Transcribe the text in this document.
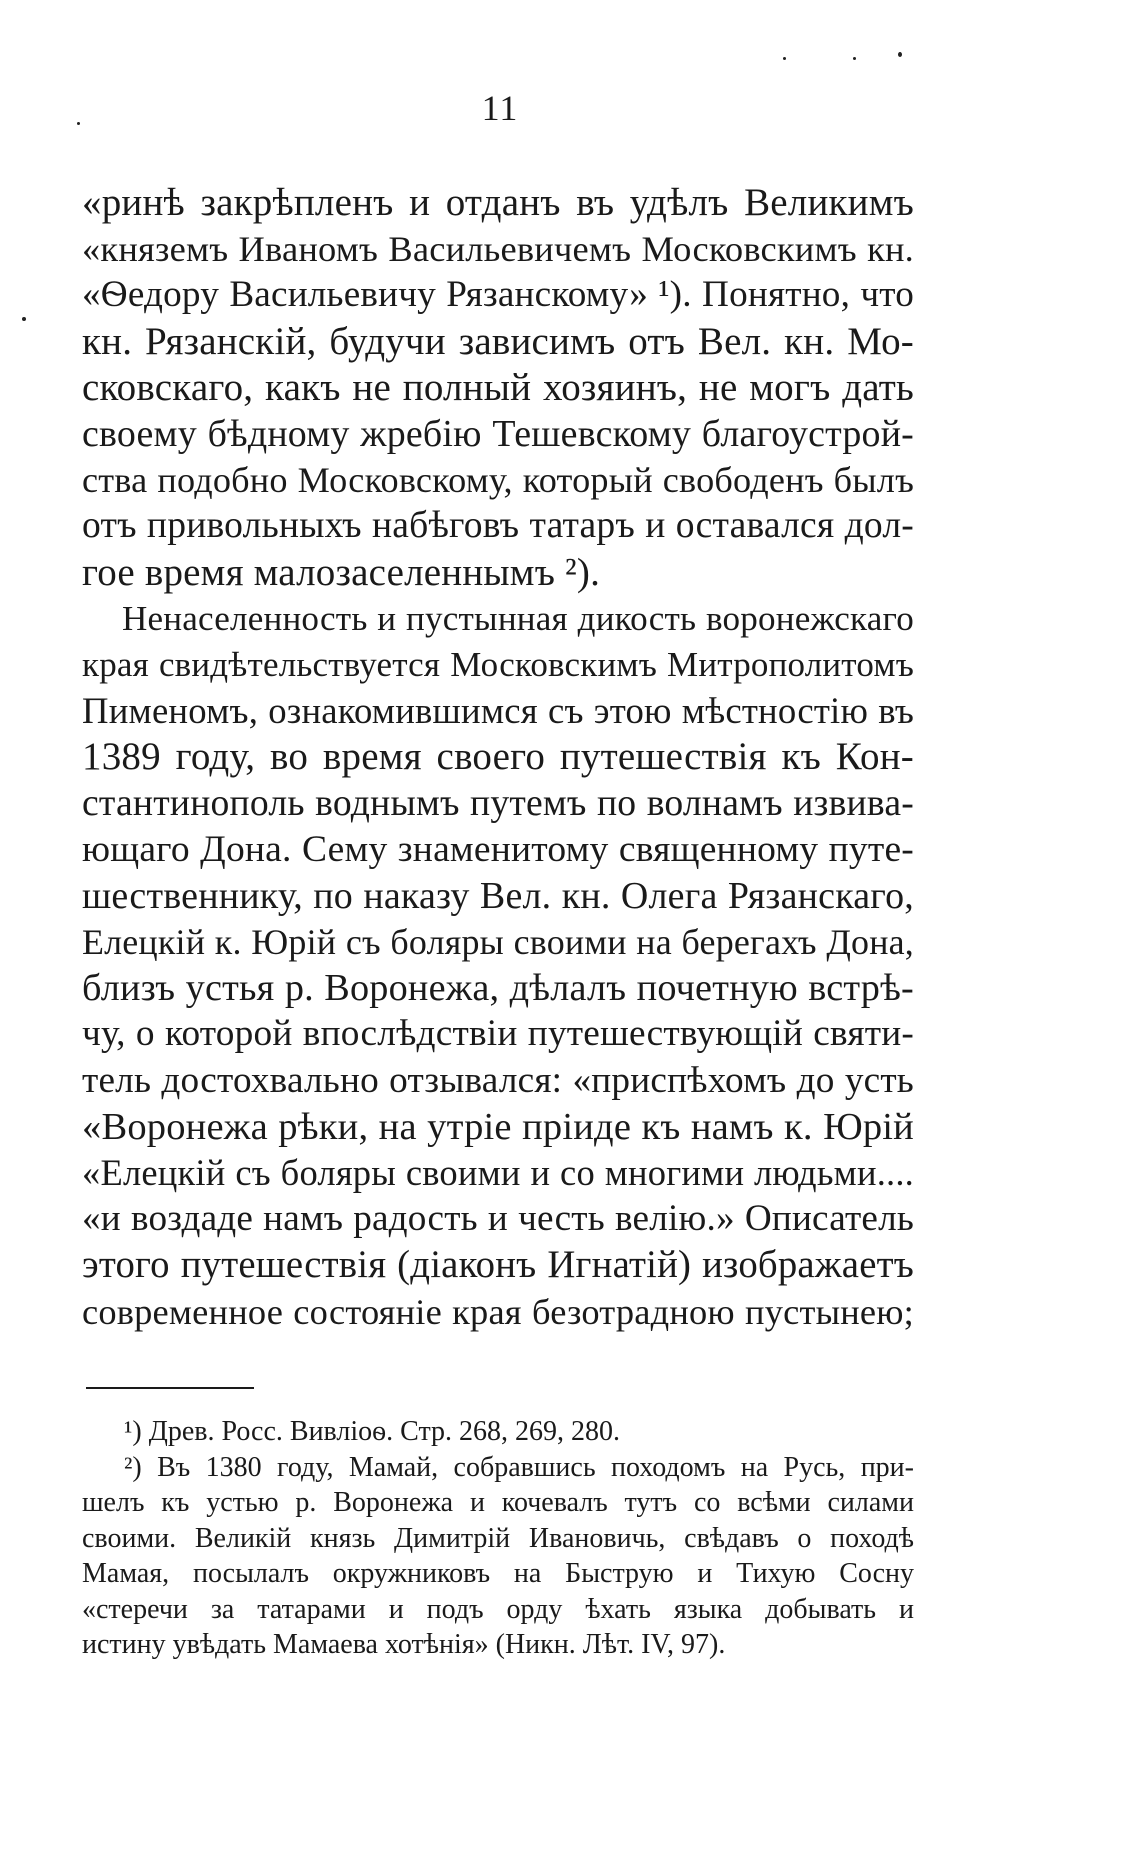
11
«ринѣ закрѣпленъ и отданъ въ удѣлъ Великимъ
«княземъ Иваномъ Васильевичемъ Московскимъ кн.
«Ѳедору Васильевичу Рязанскому» ¹). Понятно, что
кн. Рязанскій, будучи зависимъ отъ Вел. кн. Мо-
сковскаго, какъ не полный хозяинъ, не могъ дать
своему бѣдному жребію Тешевскому благоустрой-
ства подобно Московскому, который свободенъ былъ
отъ привольныхъ набѣговъ татаръ и оставался дол-
гое время малозаселеннымъ ²).
Ненаселенность и пустынная дикость воронежскаго
края свидѣтельствуется Московскимъ Митрополитомъ
Пименомъ, ознакомившимся съ этою мѣстностію въ
1389 году, во время своего путешествія къ Кон-
стантинополь воднымъ путемъ по волнамъ извива-
ющаго Дона. Сему знаменитому священному путе-
шественнику, по наказу Вел. кн. Олега Рязанскаго,
Елецкій к. Юрій съ боляры своими на берегахъ Дона,
близъ устья р. Воронежа, дѣлалъ почетную встрѣ-
чу, о которой впослѣдствіи путешествующій святи-
тель достохвально отзывался: «приспѣхомъ до усть
«Воронежа рѣки, на утріе пріиде къ намъ к. Юрій
«Елецкій съ боляры своими и со многими людьми....
«и воздаде намъ радость и честь велію.» Описатель
этого путешествія (діаконъ Игнатій) изображаетъ
современное состояніе края безотрадною пустынею;
¹) Древ. Росс. Вивліоѳ. Стр. 268, 269, 280.
²) Въ 1380 году, Мамай, собравшись походомъ на Русь, при-
шелъ къ устью р. Воронежа и кочевалъ тутъ со всѣми силами
своими. Великій князь Димитрій Ивановичь, свѣдавъ о походѣ
Мамая, посылалъ окружниковъ на Быструю и Тихую Сосну
«стеречи за татарами и подъ орду ѣхать языка добывать и
истину увѣдать Мамаева хотѣнія» (Никн. Лѣт. IV, 97).
